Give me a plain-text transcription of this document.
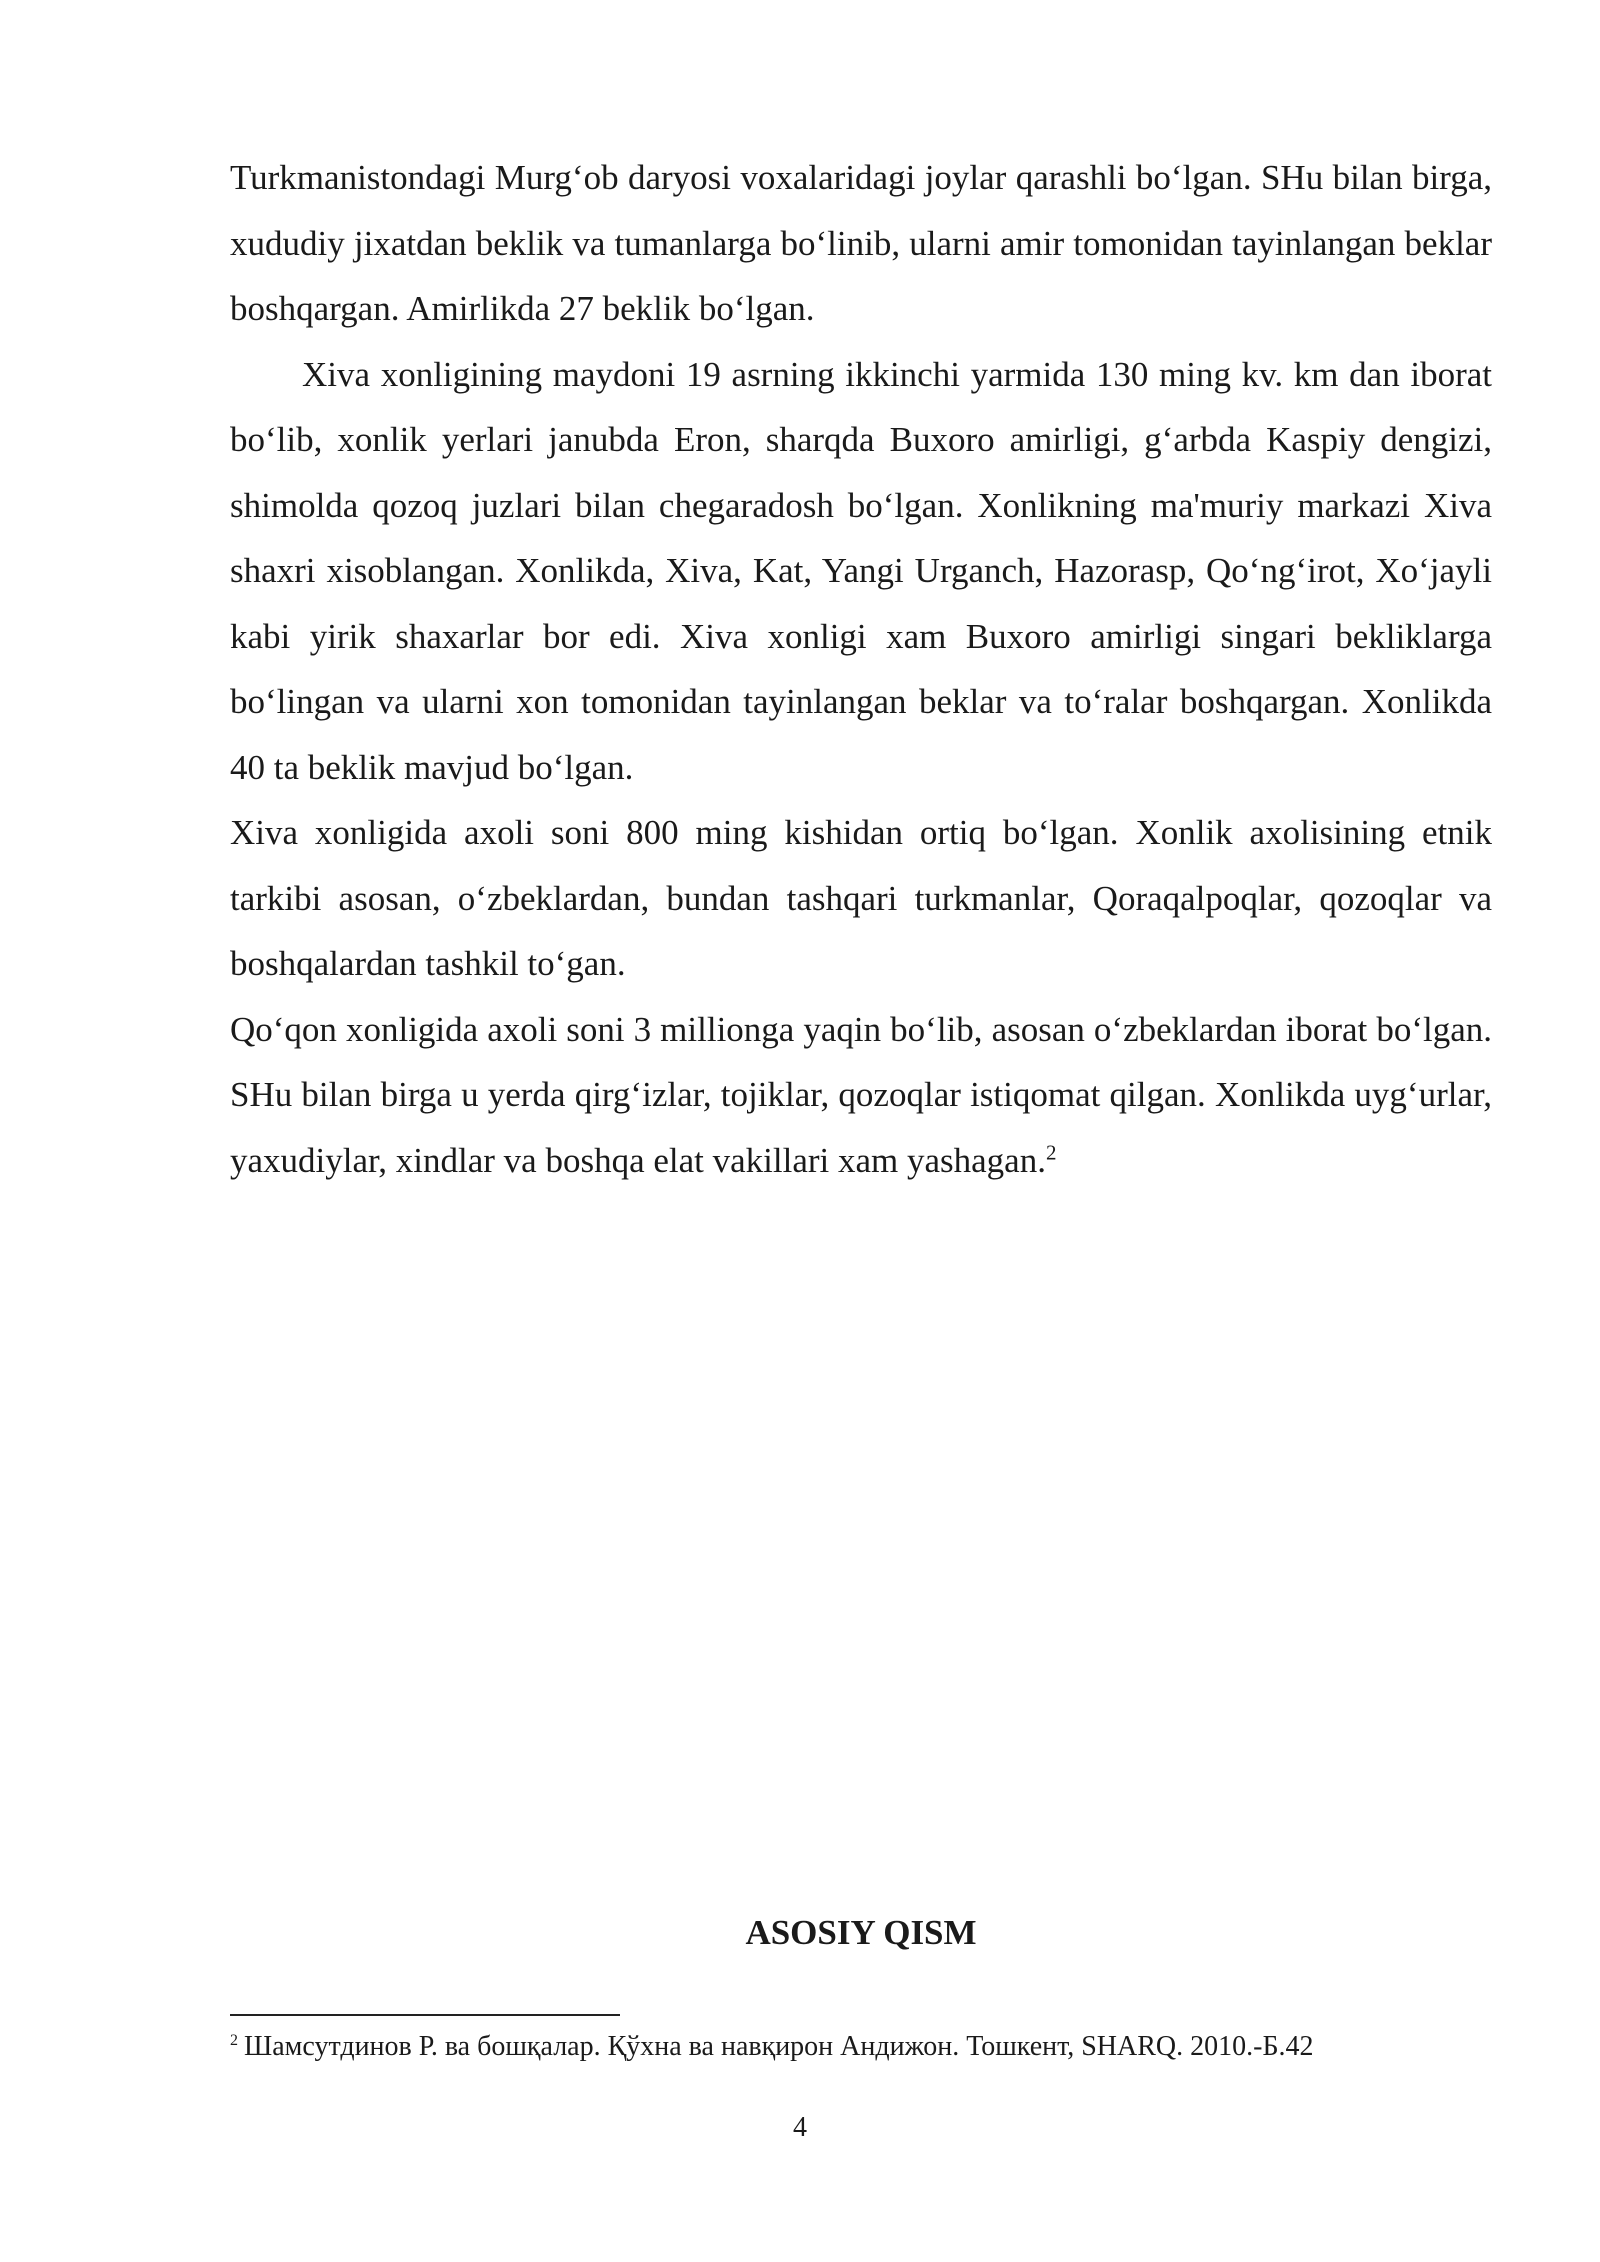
Turkmanistondagi Murg‘ob daryosi voxalaridagi joylar qarashli bo‘lgan. SHu bilan birga, xududiy jixatdan beklik va tumanlarga bo‘linib, ularni amir tomonidan tayinlangan beklar boshqargan. Amirlikda 27 beklik bo‘lgan.

Xiva xonligining maydoni 19 asrning ikkinchi yarmida 130 ming kv. km dan iborat bo‘lib, xonlik yerlari janubda Eron, sharqda Buxoro amirligi, g‘arbda Kaspiy dengizi, shimolda qozoq juzlari bilan chegaradosh bo‘lgan. Xonlikning ma'muriy markazi Xiva shaxri xisoblangan. Xonlikda, Xiva, Kat, Yangi Urganch, Hazorasp, Qo‘ng‘irot, Xo‘jayli kabi yirik shaxarlar bor edi. Xiva xonligi xam Buxoro amirligi singari bekliklarga bo‘lingan va ularni xon tomonidan tayinlangan beklar va to‘ralar boshqargan. Xonlikda 40 ta beklik mavjud bo‘lgan.

Xiva xonligida axoli soni 800 ming kishidan ortiq bo‘lgan. Xonlik axolisining etnik tarkibi asosan, o‘zbeklardan, bundan tashqari turkmanlar, Qoraqalpoqlar, qozoqlar va boshqalardan tashkil to‘gan.

Qo‘qon xonligida axoli soni 3 millionga yaqin bo‘lib, asosan o‘zbeklardan iborat bo‘lgan. SHu bilan birga u yerda qirg‘izlar, tojiklar, qozoqlar istiqomat qilgan. Xonlikda uyg‘urlar, yaxudiylar, xindlar va boshqa elat vakillari xam yashagan.$^2$

ASOSIY QISM

$^2$ Шамсутдинов Р. ва бошқалар. Қўхна ва навқирон Андижон. Тошкент, SHARQ. 2010.-Б.42

4
